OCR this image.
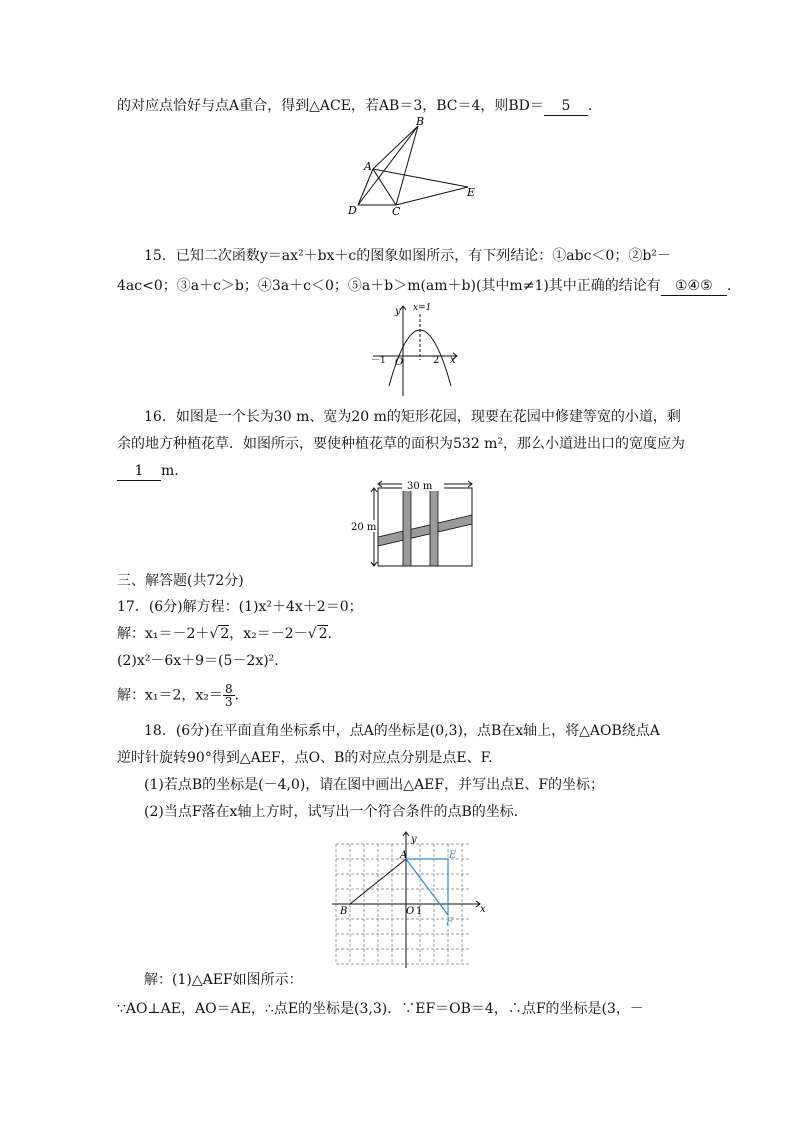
的对应点恰好与点A重合，得到△ACE，若AB＝3，BC＝4，则BD＝ 5 .
B
A
E
D	C
15．已知二次函数y＝ax²＋bx＋c的图象如图所示，有下列结论：①abc＜0；②b²－
4ac<0；③a＋c＞b；④3a＋c＜0；⑤a＋b＞m(am＋b)(其中m≠1)其中正确的结论有 ①④⑤ .
y
x
x=1
O
－1	2
16．如图是一个长为30 m、宽为20 m的矩形花园，现要在花园中修建等宽的小道，剩
余的地方种植花草．如图所示，要使种植花草的面积为532 m²，那么小道进出口的宽度应为
1 m.
30 m
20 m
三、解答题(共72分)
17．(6分)解方程：(1)x²＋4x＋2＝0；
解：x₁＝－2＋√ 2，x₂＝－2－√ 2.
(2)x²－6x＋9＝(5－2x)².
解：x₁＝2，$x_2= \frac{8}{3}$ .
18．(6分)在平面直角坐标系中，点A的坐标是(0,3)，点B在x轴上，将△AOB绕点A
逆时针旋转90°得到△AEF，点O、B的对应点分别是点E、F.
(1)若点B的坐标是(－4,0)，请在图中画出△AEF，并写出点E、F的坐标；
(2)当点F落在x轴上方时，试写出一个符合条件的点B的坐标．
y
x
A	E
B	O 1
F
解：(1)△AEF如图所示：
∵AO⊥AE，AO＝AE，∴点E的坐标是(3,3)．∵EF＝OB＝4，∴点F的坐标是(3，－
